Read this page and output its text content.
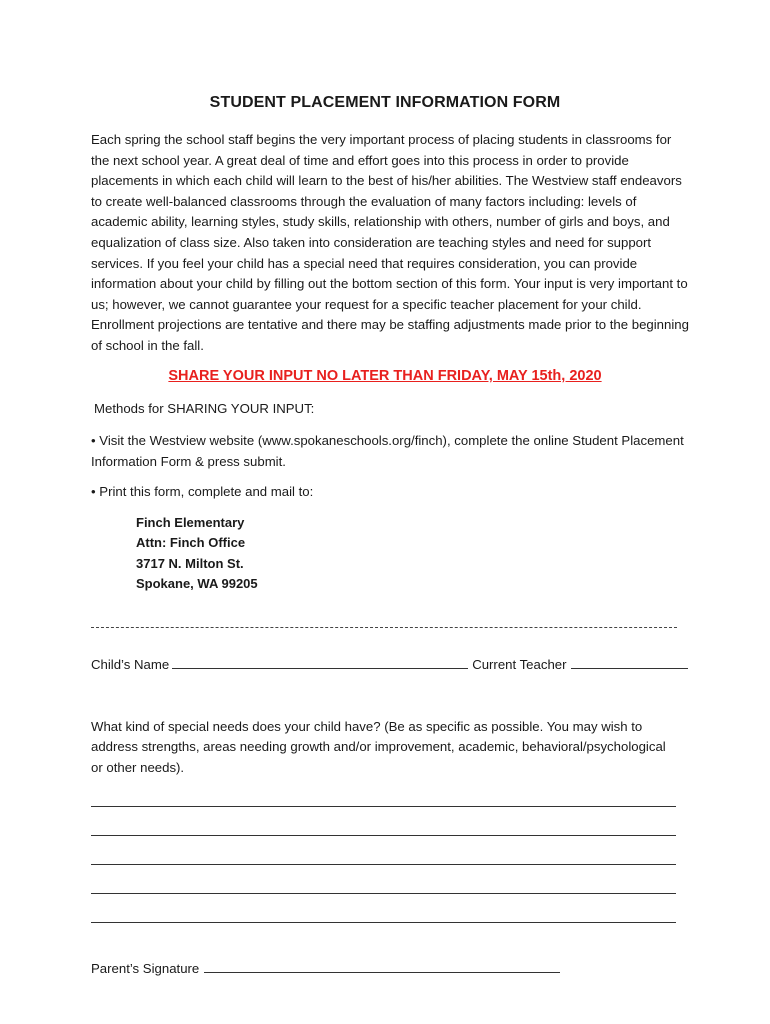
STUDENT PLACEMENT INFORMATION FORM
Each spring the school staff begins the very important process of placing students in classrooms for the next school year. A great deal of time and effort goes into this process in order to provide placements in which each child will learn to the best of his/her abilities. The Westview staff endeavors to create well-balanced classrooms through the evaluation of many factors including: levels of academic ability, learning styles, study skills, relationship with others, number of girls and boys, and equalization of class size. Also taken into consideration are teaching styles and need for support services. If you feel your child has a special need that requires consideration, you can provide information about your child by filling out the bottom section of this form. Your input is very important to us; however, we cannot guarantee your request for a specific teacher placement for your child. Enrollment projections are tentative and there may be staffing adjustments made prior to the beginning of school in the fall.
SHARE YOUR INPUT NO LATER THAN FRIDAY, MAY 15th, 2020
Methods for SHARING YOUR INPUT:
• Visit the Westview website (www.spokaneschools.org/finch), complete the online Student Placement Information Form & press submit.
• Print this form, complete and mail to:
Finch Elementary
Attn: Finch Office
3717 N. Milton St.
Spokane, WA 99205
Child’s Name	Current Teacher
What kind of special needs does your child have? (Be as specific as possible. You may wish to address strengths, areas needing growth and/or improvement, academic, behavioral/psychological or other needs).
Parent’s Signature
